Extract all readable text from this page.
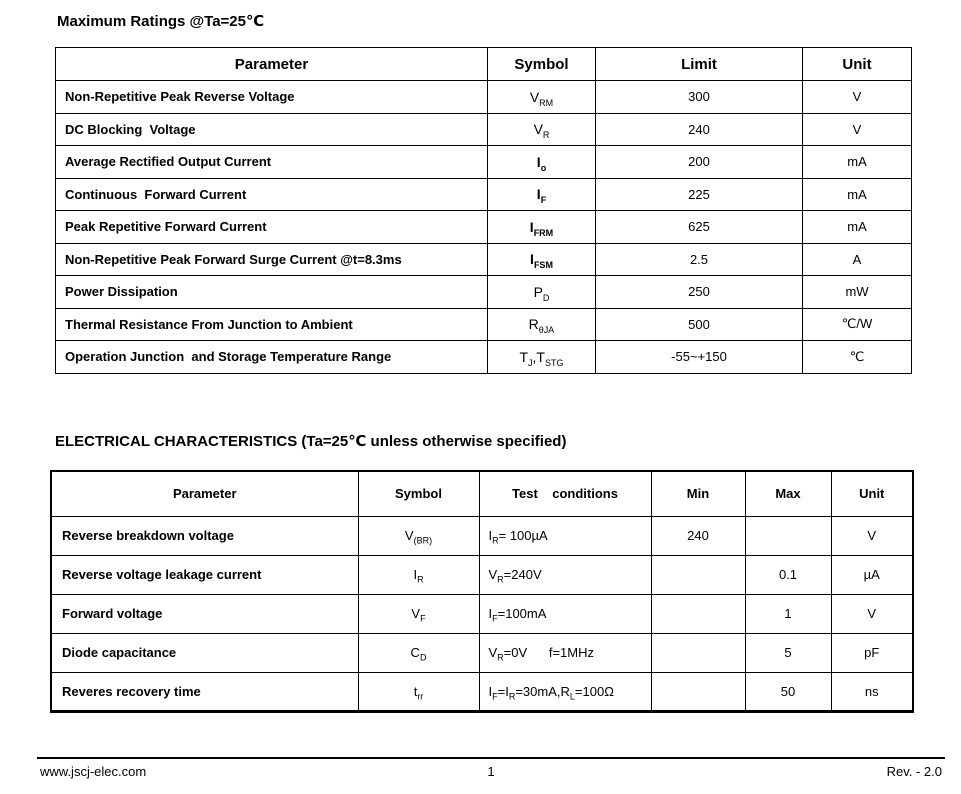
Maximum Ratings @Ta=25℃
Parameter	Symbol	Limit	Unit
Non-Repetitive Peak Reverse Voltage	$V_{RM}$	300	V
DC Blocking  Voltage	$V_R$	240	V
Average Rectified Output Current	$I_o$	200	mA
Continuous  Forward Current	$I_F$	225	mA
Peak Repetitive Forward Current	$I_{FRM}$	625	mA
Non-Repetitive Peak Forward Surge Current @t=8.3ms	$I_{FSM}$	2.5	A
Power Dissipation	$P_D$	250	mW
Thermal Resistance From Junction to Ambient	$R_{\theta JA}$	500	℃/W
Operation Junction  and Storage Temperature Range	$T_J,T_{STG}$	-55~+150	℃
ELECTRICAL CHARACTERISTICS (Ta=25℃ unless otherwise specified)
Parameter	Symbol	Test    conditions	Min	Max	Unit
Reverse breakdown voltage	$V_{(BR)}$	$I_R= 100\mu A$	240		V
Reverse voltage leakage current	$I_R$	$V_R=240V$		0.1	µA
Forward voltage	$V_F$	$I_F=100mA$		1	V
Diode capacitance	$C_D$	$V_R=0V$      f=1MHz		5	pF
Reveres recovery time	$t_{rr}$	$I_F=I_R=30mA,R_L=100\Omega$		50	ns
www.jscj-elec.com	1	Rev. - 2.0
